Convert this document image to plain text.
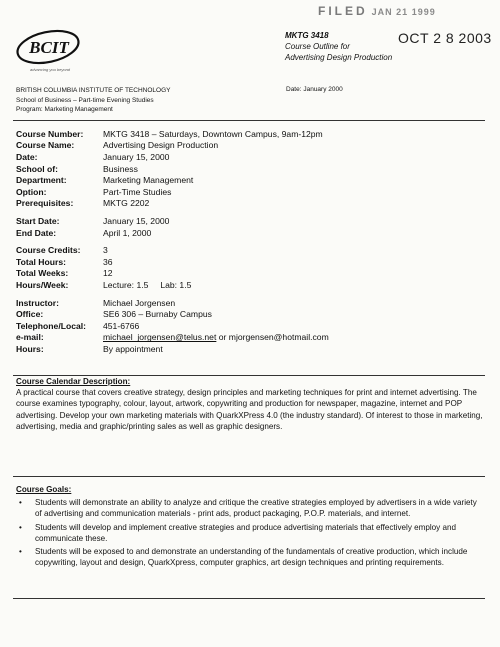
FILED JAN 21 1999
OCT 2 8 2003
BCIT
advancing you beyond
MKTG 3418
Course Outline for
Advertising Design Production
BRITISH COLUMBIA INSTITUTE OF TECHNOLOGY
School of Business – Part-time Evening Studies
Program: Marketing Management
Date: January 2000
Course Number:	MKTG 3418 – Saturdays, Downtown Campus, 9am-12pm
Course Name:	Advertising Design Production
Date:	January 15, 2000
School of:	Business
Department:	Marketing Management
Option:	Part-Time Studies
Prerequisites:	MKTG 2202
Start Date:	January 15, 2000
End Date:	April 1, 2000
Course Credits:	3
Total Hours:	36
Total Weeks:	12
Hours/Week:	Lecture: 1.5     Lab: 1.5
Instructor:	Michael Jorgensen
Office:	SE6 306 – Burnaby Campus
Telephone/Local:	451-6766
e-mail:	michael_jorgensen@telus.net or mjorgensen@hotmail.com
Hours:	By appointment
Course Calendar Description:

A practical course that covers creative strategy, design principles and marketing techniques for print and internet advertising. The course examines typography, colour, layout, artwork, copywriting and production for newspaper, magazine, internet and POP advertising. Develop your own marketing materials with QuarkXPress 4.0 (the industry standard). Of interest to those in marketing, advertising, media and graphic/printing sales as well as graphic designers.

Course Goals:
• Students will demonstrate an ability to analyze and critique the creative strategies employed by advertisers in a wide variety of advertising and communication materials - print ads, product packaging, P.O.P. materials, and internet.
• Students will develop and implement creative strategies and produce advertising materials that effectively employ and communicate these.
• Students will be exposed to and demonstrate an understanding of the fundamentals of creative production, which include copywriting, layout and design, QuarkXpress, computer graphics, art design techniques and printing requirements.
